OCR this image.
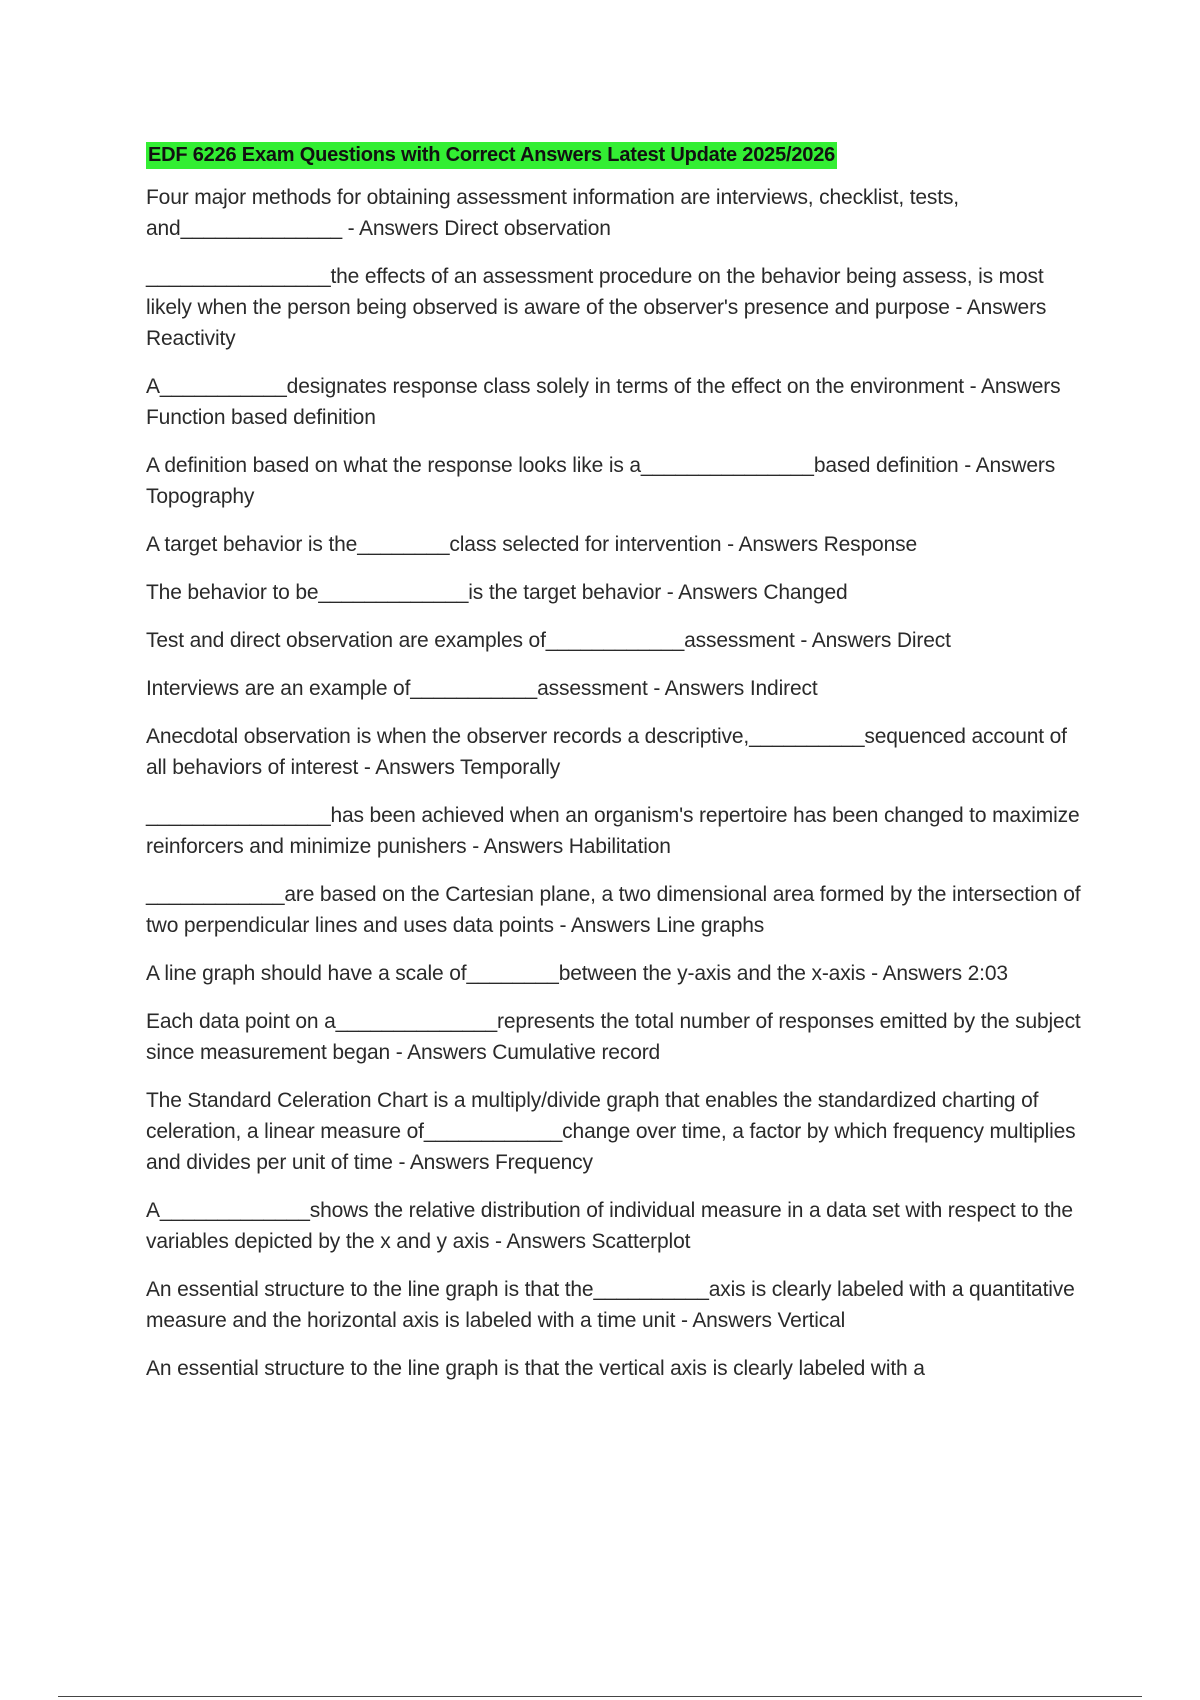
EDF 6226 Exam Questions with Correct Answers Latest Update 2025/2026

Four major methods for obtaining assessment information are interviews, checklist, tests, and______________ - Answers Direct observation

________________the effects of an assessment procedure on the behavior being assess, is most likely when the person being observed is aware of the observer's presence and purpose - Answers Reactivity

A___________designates response class solely in terms of the effect on the environment - Answers Function based definition

A definition based on what the response looks like is a_______________based definition - Answers Topography

A target behavior is the________class selected for intervention - Answers Response

The behavior to be_____________is the target behavior - Answers Changed

Test and direct observation are examples of____________assessment - Answers Direct

Interviews are an example of___________assessment - Answers Indirect

Anecdotal observation is when the observer records a descriptive,__________sequenced account of all behaviors of interest - Answers Temporally

________________has been achieved when an organism's repertoire has been changed to maximize reinforcers and minimize punishers - Answers Habilitation

____________are based on the Cartesian plane, a two dimensional area formed by the intersection of two perpendicular lines and uses data points - Answers Line graphs

A line graph should have a scale of________between the y-axis and the x-axis - Answers 2:03

Each data point on a______________represents the total number of responses emitted by the subject since measurement began - Answers Cumulative record

The Standard Celeration Chart is a multiply/divide graph that enables the standardized charting of celeration, a linear measure of____________change over time, a factor by which frequency multiplies and divides per unit of time - Answers Frequency

A_____________shows the relative distribution of individual measure in a data set with respect to the variables depicted by the x and y axis - Answers Scatterplot

An essential structure to the line graph is that the__________axis is clearly labeled with a quantitative measure and the horizontal axis is labeled with a time unit - Answers Vertical

An essential structure to the line graph is that the vertical axis is clearly labeled with a
